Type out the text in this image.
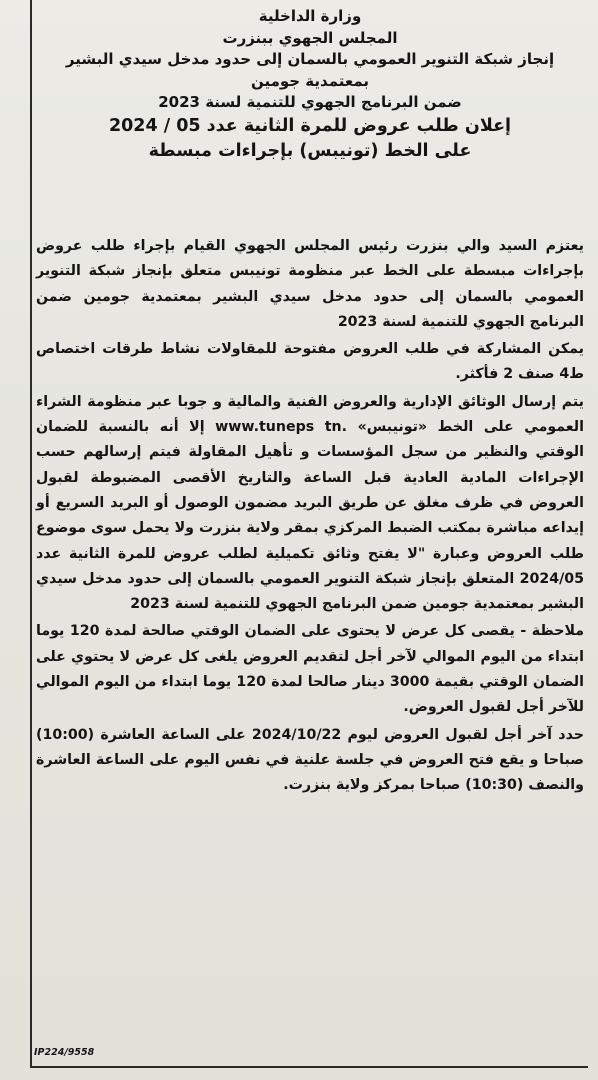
وزارة الداخلية
المجلس الجهوي ببنزرت
إنجاز شبكة التنوير العمومي بالسمان إلى حدود مدخل سيدي البشير
بمعتمدية جومين
ضمن البرنامج الجهوي للتنمية لسنة 2023
إعلان طلب عروض للمرة الثانية عدد 05 / 2024
على الخط (تونيبس) بإجراءات مبسطة

يعتزم السيد والي بنزرت رئيس المجلس الجهوي القيام بإجراء طلب عروض بإجراءات مبسطة على الخط عبر منظومة تونيبس متعلق بإنجاز شبكة التنوير العمومي بالسمان إلى حدود مدخل سيدي البشير بمعتمدية جومين ضمن البرنامج الجهوي للتنمية لسنة 2023

يمكن المشاركة في طلب العروض مفتوحة للمقاولات نشاط طرقات اختصاص ط4 صنف 2 فأكثر.

يتم إرسال الوثائق الإدارية والعروض الفنية والمالية و جوبا عبر منظومة الشراء العمومي على الخط «تونيبس» .www.tuneps tn إلا أنه بالنسبة للضمان الوقتي والنظير من سجل المؤسسات و تأهيل المقاولة فيتم إرسالهم حسب الإجراءات المادية العادية قبل الساعة والتاريخ الأقصى المضبوطة لقبول العروض في ظرف مغلق عن طريق البريد مضمون الوصول أو البريد السريع أو إيداعه مباشرة بمكتب الضبط المركزي بمقر ولاية بنزرت ولا يحمل سوى موضوع طلب العروض وعبارة "لا يفتح وثائق تكميلية لطلب عروض للمرة الثانية عدد 2024/05 المتعلق بإنجاز شبكة التنوير العمومي بالسمان إلى حدود مدخل سيدي البشير بمعتمدية جومين ضمن البرنامج الجهوي للتنمية لسنة 2023

ملاحظة - يقصى كل عرض لا يحتوى على الضمان الوقتي صالحة لمدة 120 يوما ابتداء من اليوم الموالي لآخر أجل لتقديم العروض يلغى كل عرض لا يحتوي على الضمان الوقتي بقيمة 3000 دينار صالحا لمدة 120 يوما ابتداء من اليوم الموالي للآخر أجل لقبول العروض.

حدد آخر أجل لقبول العروض ليوم 2024/10/22 على الساعة العاشرة (10:00) صباحا و يقع فتح العروض في جلسة علنية في نفس اليوم على الساعة العاشرة والنصف (10:30) صباحا بمركز ولاية بنزرت.

IP224/9558
